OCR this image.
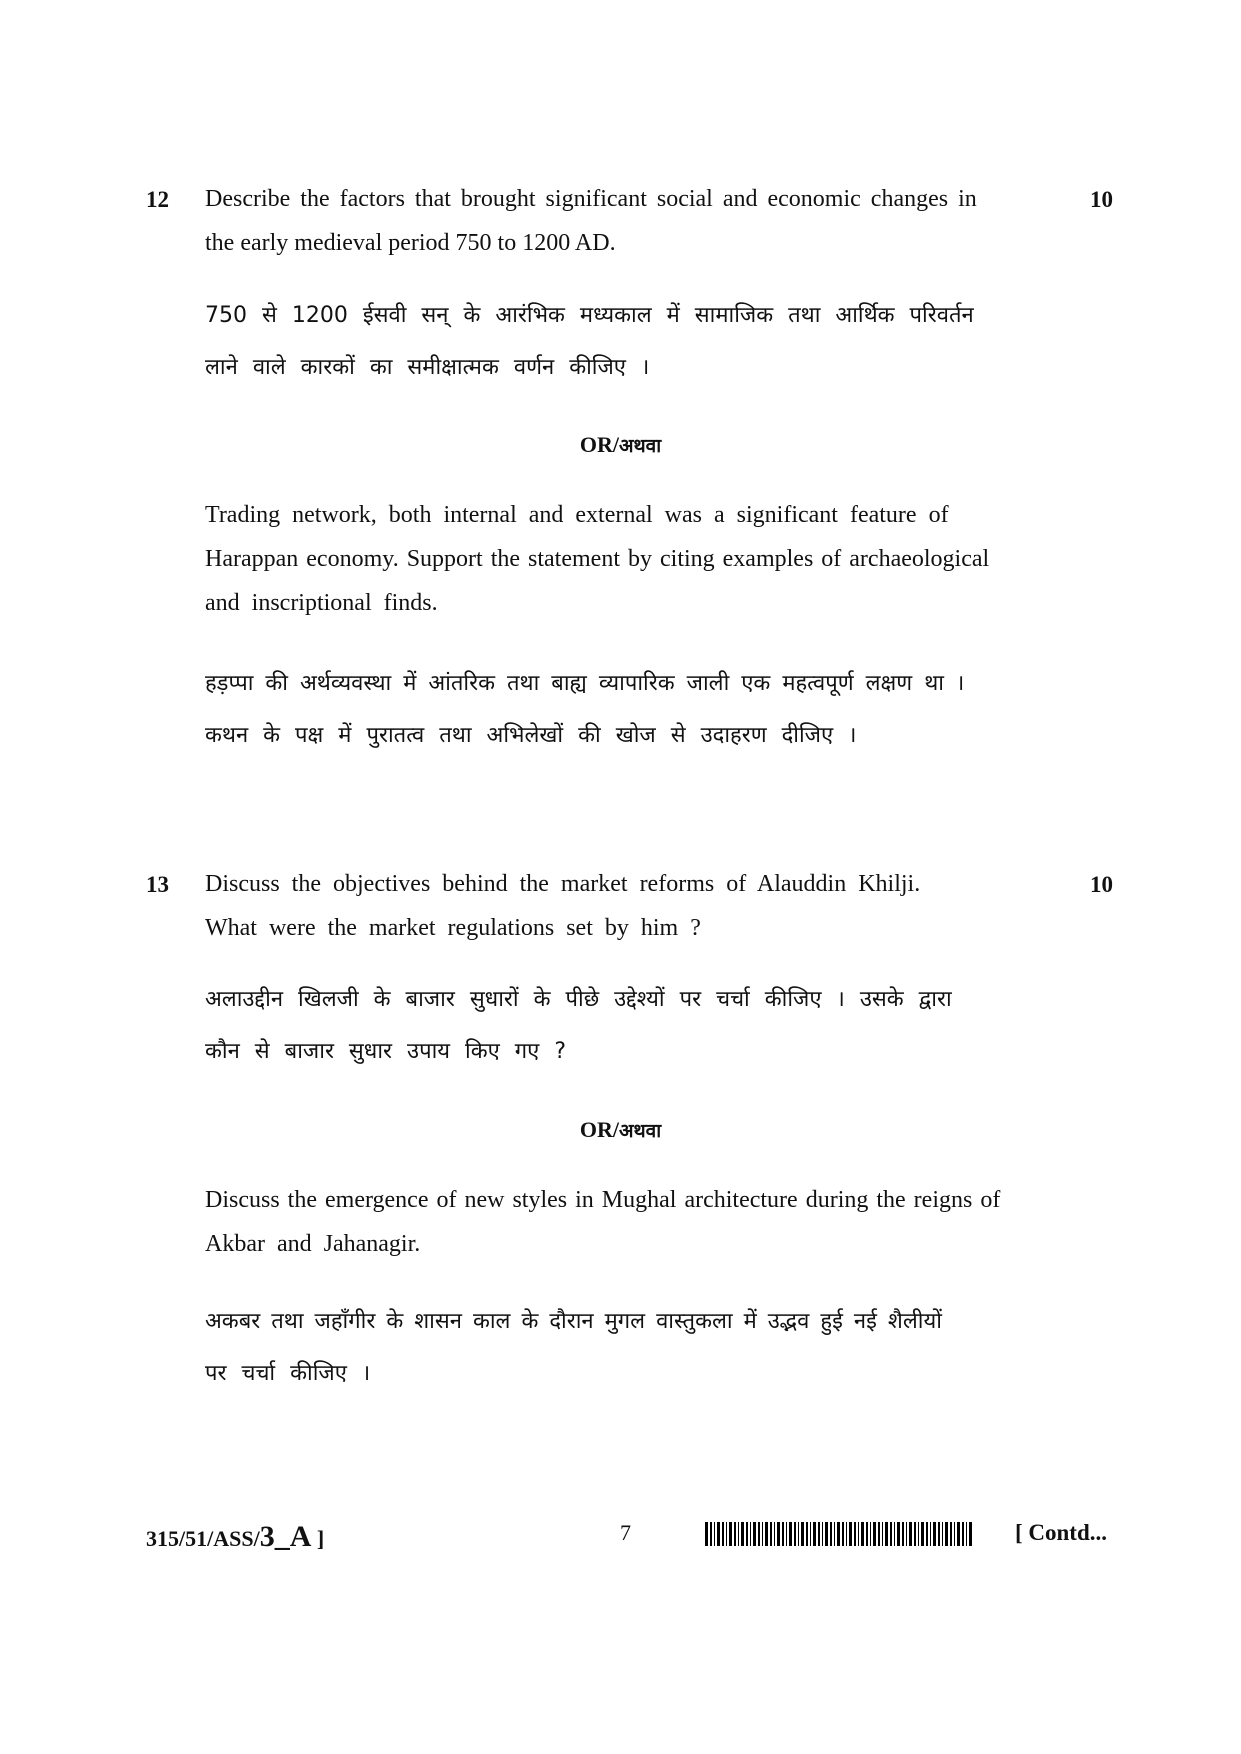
12	10
Describe the factors that brought significant social and economic changes in
the early medieval period 750 to 1200 AD.
750 से 1200 ईसवी सन् के आरंभिक मध्यकाल में सामाजिक तथा आर्थिक परिवर्तन
लाने वाले कारकों का समीक्षात्मक वर्णन कीजिए ।
OR/अथवा
Trading network, both internal and external was a significant feature of
Harappan economy. Support the statement by citing examples of archaeological
and inscriptional finds.
हड़प्पा की अर्थव्यवस्था में आंतरिक तथा बाह्य व्यापारिक जाली एक महत्वपूर्ण लक्षण था ।
कथन के पक्ष में पुरातत्व तथा अभिलेखों की खोज से उदाहरण दीजिए ।
13	10
Discuss the objectives behind the market reforms of Alauddin Khilji.
What were the market regulations set by him ?
अलाउद्दीन खिलजी के बाजार सुधारों के पीछे उद्देश्यों पर चर्चा कीजिए । उसके द्वारा
कौन से बाजार सुधार उपाय किए गए ?
OR/अथवा
Discuss the emergence of new styles in Mughal architecture during the reigns of
Akbar and Jahanagir.
अकबर तथा जहाँगीर के शासन काल के दौरान मुगल वास्तुकला में उद्भव हुई नई शैलीयों
पर चर्चा कीजिए ।
315/51/ASS/3_A ]	7	[ Contd...
